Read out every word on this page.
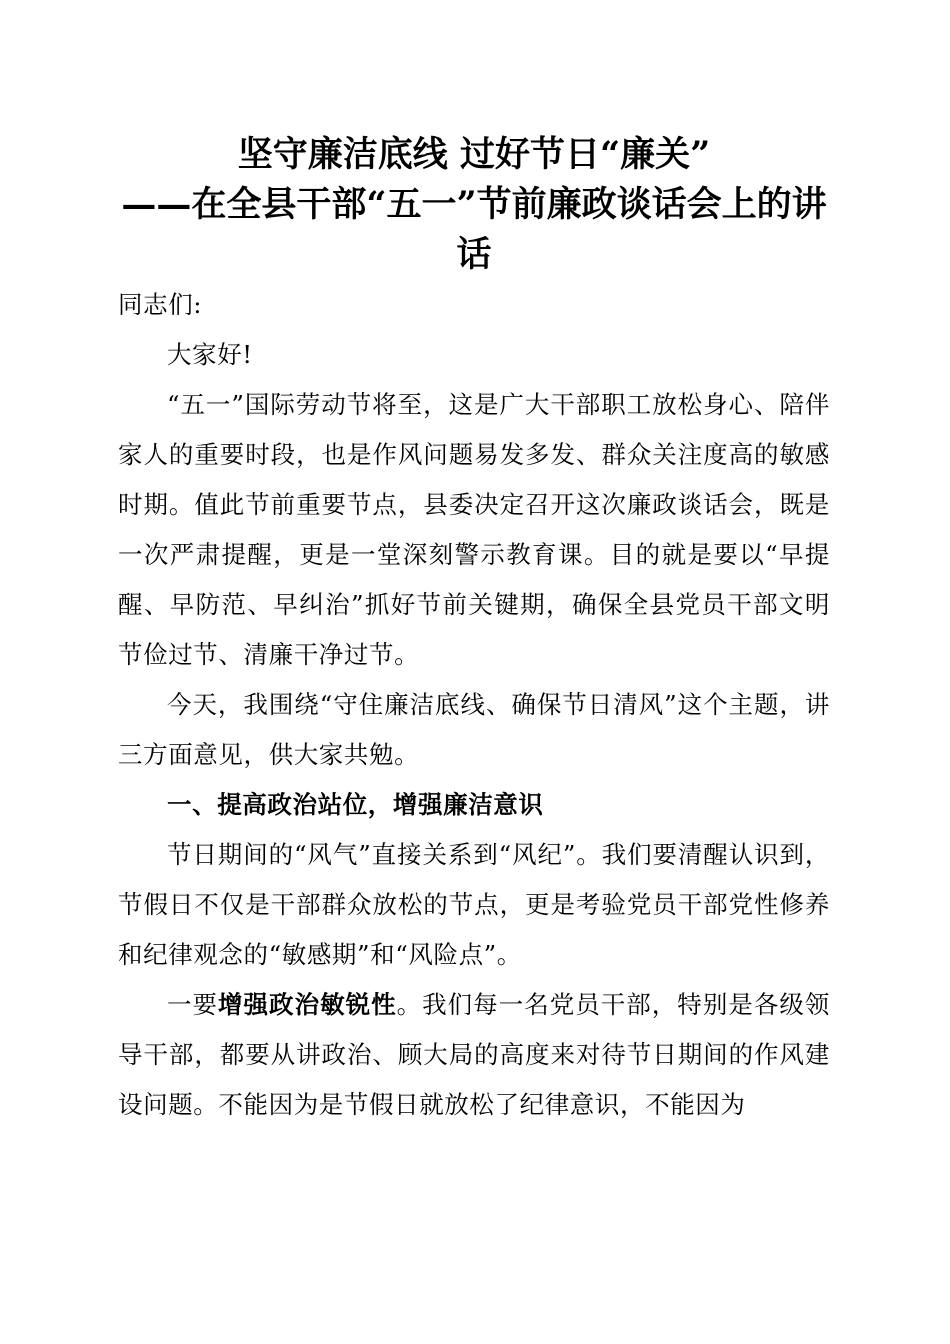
坚守廉洁底线 过好节日“廉关”
——在全县干部“五一”节前廉政谈话会上的讲话

同志们:

大家好!

“五一”国际劳动节将至，这是广大干部职工放松身心、陪伴家人的重要时段，也是作风问题易发多发、群众关注度高的敏感时期。值此节前重要节点，县委决定召开这次廉政谈话会，既是一次严肃提醒，更是一堂深刻警示教育课。目的就是要以“早提醒、早防范、早纠治”抓好节前关键期，确保全县党员干部文明节俭过节、清廉干净过节。

今天，我围绕“守住廉洁底线、确保节日清风”这个主题，讲三方面意见，供大家共勉。

一、提高政治站位，增强廉洁意识

节日期间的“风气”直接关系到“风纪”。我们要清醒认识到，节假日不仅是干部群众放松的节点，更是考验党员干部党性修养和纪律观念的“敏感期”和“风险点”。

一要增强政治敏锐性。我们每一名党员干部，特别是各级领导干部，都要从讲政治、顾大局的高度来对待节日期间的作风建设问题。不能因为是节假日就放松了纪律意识，不能因为
